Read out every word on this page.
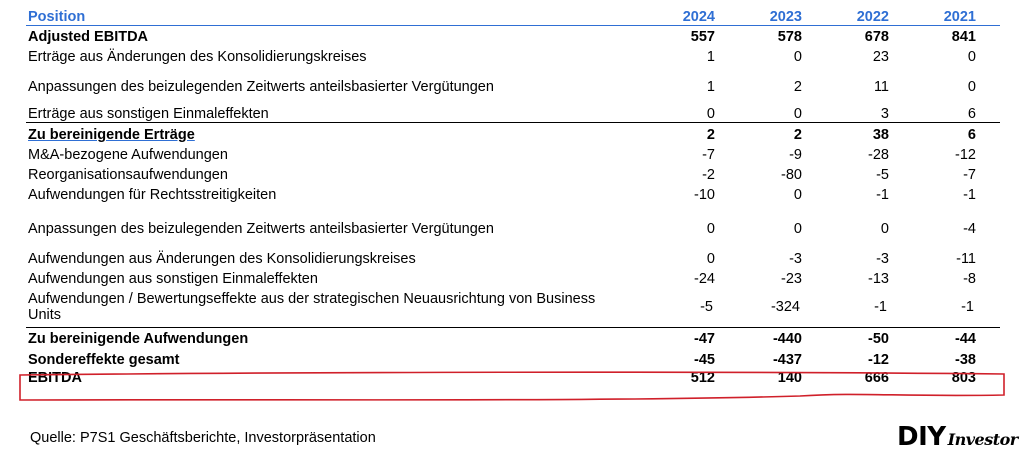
Position	2024	2023	2022	2021
Adjusted EBITDA	557	578	678	841
Erträge aus Änderungen des Konsolidierungskreises	1	0	23	0
Anpassungen des beizulegenden Zeitwerts anteilsbasierter Vergütungen	1	2	11	0
Erträge aus sonstigen Einmaleffekten	0	0	3	6
Zu bereinigende Erträge	2	2	38	6
M&A-bezogene Aufwendungen	-7	-9	-28	-12
Reorganisationsaufwendungen	-2	-80	-5	-7
Aufwendungen für Rechtsstreitigkeiten	-10	0	-1	-1
Anpassungen des beizulegenden Zeitwerts anteilsbasierter Vergütungen	0	0	0	-4
Aufwendungen aus Änderungen des Konsolidierungskreises	0	-3	-3	-11
Aufwendungen aus sonstigen Einmaleffekten	-24	-23	-13	-8
Aufwendungen / Bewertungseffekte aus der strategischen Neuausrichtung von Business Units	-5	-324	-1	-1
Zu bereinigende Aufwendungen	-47	-440	-50	-44
Sondereffekte gesamt	-45	-437	-12	-38
EBITDA	512	140	666	803
Quelle: P7S1 Geschäftsberichte, Investorpräsentation	DIY Investor
